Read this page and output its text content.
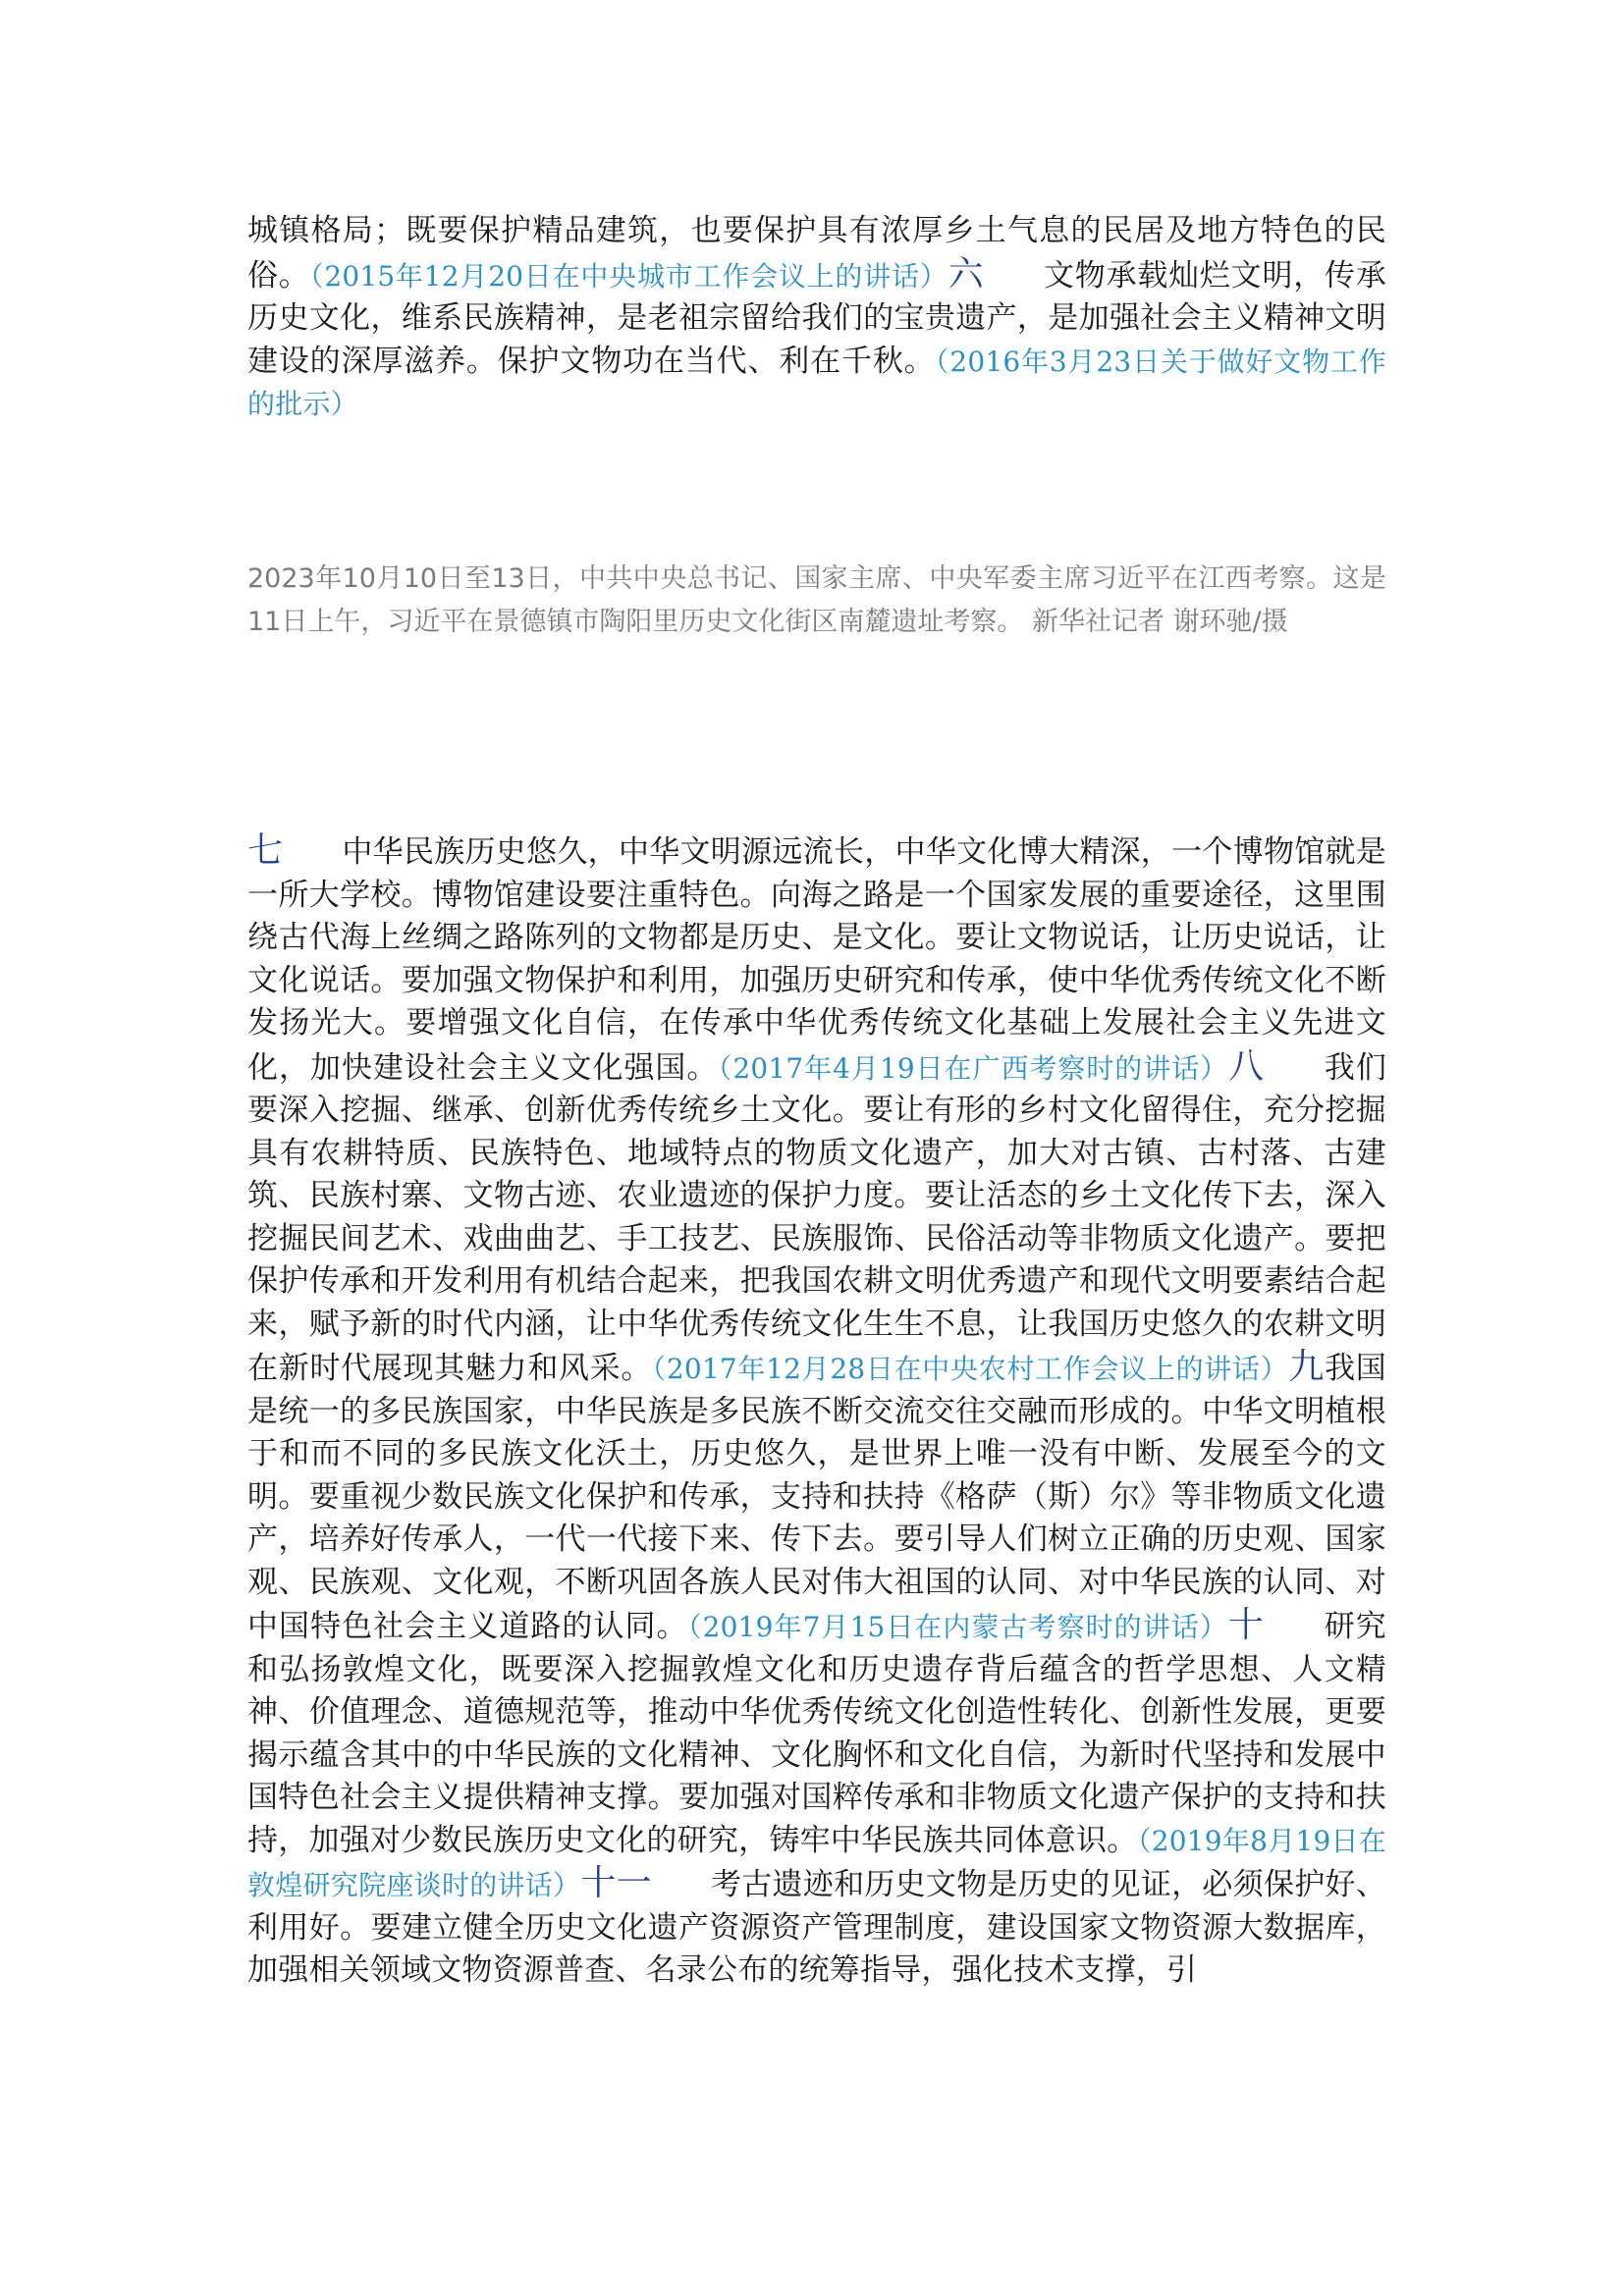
城镇格局；既要保护精品建筑，也要保护具有浓厚乡土气息的民居及地方特色的民俗。（2015年12月20日在中央城市工作会议上的讲话）六 文物承载灿烂文明，传承历史文化，维系民族精神，是老祖宗留给我们的宝贵遗产，是加强社会主义精神文明建设的深厚滋养。保护文物功在当代、利在千秋。（2016年3月23日关于做好文物工作的批示）

2023年10月10日至13日，中共中央总书记、国家主席、中央军委主席习近平在江西考察。这是11日上午，习近平在景德镇市陶阳里历史文化街区南麓遗址考察。 新华社记者 谢环驰/摄

七 中华民族历史悠久，中华文明源远流长，中华文化博大精深，一个博物馆就是一所大学校。博物馆建设要注重特色。向海之路是一个国家发展的重要途径，这里围绕古代海上丝绸之路陈列的文物都是历史、是文化。要让文物说话，让历史说话，让文化说话。要加强文物保护和利用，加强历史研究和传承，使中华优秀传统文化不断发扬光大。要增强文化自信，在传承中华优秀传统文化基础上发展社会主义先进文化，加快建设社会主义文化强国。（2017年4月19日在广西考察时的讲话）八 我们要深入挖掘、继承、创新优秀传统乡土文化。要让有形的乡村文化留得住，充分挖掘具有农耕特质、民族特色、地域特点的物质文化遗产，加大对古镇、古村落、古建筑、民族村寨、文物古迹、农业遗迹的保护力度。要让活态的乡土文化传下去，深入挖掘民间艺术、戏曲曲艺、手工技艺、民族服饰、民俗活动等非物质文化遗产。要把保护传承和开发利用有机结合起来，把我国农耕文明优秀遗产和现代文明要素结合起来，赋予新的时代内涵，让中华优秀传统文化生生不息，让我国历史悠久的农耕文明在新时代展现其魅力和风采。（2017年12月28日在中央农村工作会议上的讲话）九我国是统一的多民族国家，中华民族是多民族不断交流交往交融而形成的。中华文明植根于和而不同的多民族文化沃土，历史悠久，是世界上唯一没有中断、发展至今的文明。要重视少数民族文化保护和传承，支持和扶持《格萨（斯）尔》等非物质文化遗产，培养好传承人，一代一代接下来、传下去。要引导人们树立正确的历史观、国家观、民族观、文化观，不断巩固各族人民对伟大祖国的认同、对中华民族的认同、对中国特色社会主义道路的认同。（2019年7月15日在内蒙古考察时的讲话）十 研究和弘扬敦煌文化，既要深入挖掘敦煌文化和历史遗存背后蕴含的哲学思想、人文精神、价值理念、道德规范等，推动中华优秀传统文化创造性转化、创新性发展，更要揭示蕴含其中的中华民族的文化精神、文化胸怀和文化自信，为新时代坚持和发展中国特色社会主义提供精神支撑。要加强对国粹传承和非物质文化遗产保护的支持和扶持，加强对少数民族历史文化的研究，铸牢中华民族共同体意识。（2019年8月19日在敦煌研究院座谈时的讲话）十一 考古遗迹和历史文物是历史的见证，必须保护好、利用好。要建立健全历史文化遗产资源资产管理制度，建设国家文物资源大数据库，加强相关领域文物资源普查、名录公布的统筹指导，强化技术支撑，引
